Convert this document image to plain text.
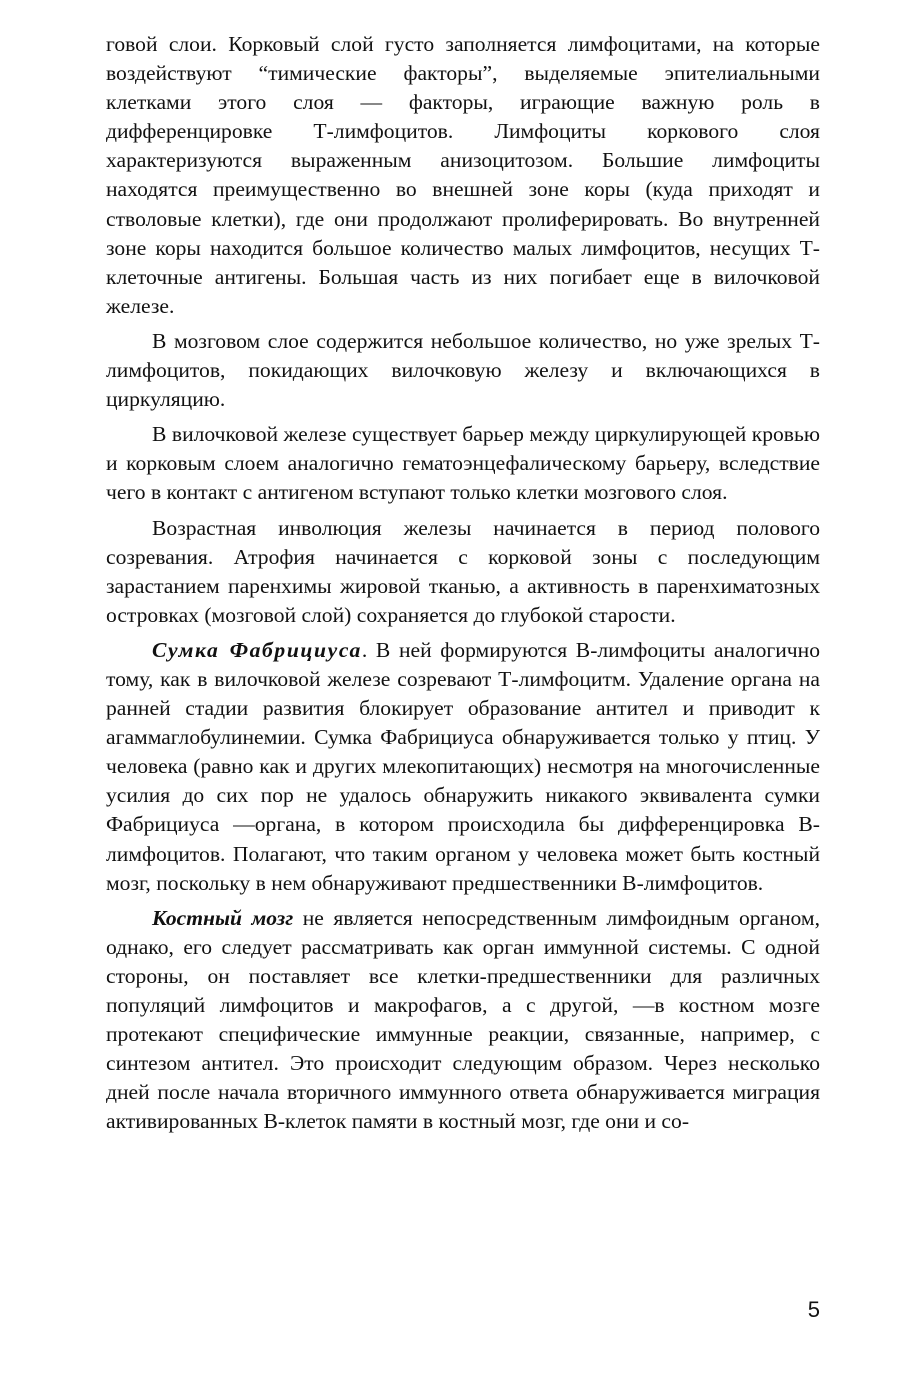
говой слои. Корковый слой густо заполняется лимфоцитами, на которые воздействуют “тимические факторы”, выделяемые эпителиальными клетками этого слоя — факторы, играющие важную роль в дифференцировке Т-лимфоцитов. Лимфоциты коркового слоя характеризуются выраженным анизоцитозом. Большие лимфоциты находятся преимущественно во внешней зоне коры (куда приходят и стволовые клетки), где они продолжают пролиферировать. Во внутренней зоне коры находится большое количество малых лимфоцитов, несущих Т-клеточные антигены. Большая часть из них погибает еще в вилочковой железе.

В мозговом слое содержится небольшое количество, но уже зрелых Т-лимфоцитов, покидающих вилочковую железу и включающихся в циркуляцию.

В вилочковой железе существует барьер между циркулирующей кровью и корковым слоем аналогично гематоэнцефалическому барьеру, вследствие чего в контакт с антигеном вступают только клетки мозгового слоя.

Возрастная инволюция железы начинается в период полового созревания. Атрофия начинается с корковой зоны с последующим зарастанием паренхимы жировой тканью, а активность в паренхиматозных островках (мозговой слой) сохраняется до глубокой старости.

Сумка Фабрициуса. В ней формируются В-лимфоциты аналогично тому, как в вилочковой железе созревают Т-лимфоцитм. Удаление органа на ранней стадии развития блокирует образование антител и приводит к агаммаглобулинемии. Сумка Фабрициуса обнаруживается только у птиц. У человека (равно как и других млекопитающих) несмотря на многочисленные усилия до сих пор не удалось обнаружить никакого эквивалента сумки Фабрициуса —органа, в котором происходила бы дифференцировка В-лимфоцитов. Полагают, что таким органом у человека может быть костный мозг, поскольку в нем обнаруживают предшественники В-лимфоцитов.

Костный мозг не является непосредственным лимфоидным органом, однако, его следует рассматривать как орган иммунной системы. С одной стороны, он поставляет все клетки-предшественники для различных популяций лимфоцитов и макрофагов, а с другой, —в костном мозге протекают специфические иммунные реакции, связанные, например, с синтезом антител. Это происходит следующим образом. Через несколько дней после начала вторичного иммунного ответа обнаруживается миграция активированных В-клеток памяти в костный мозг, где они и со-

5
